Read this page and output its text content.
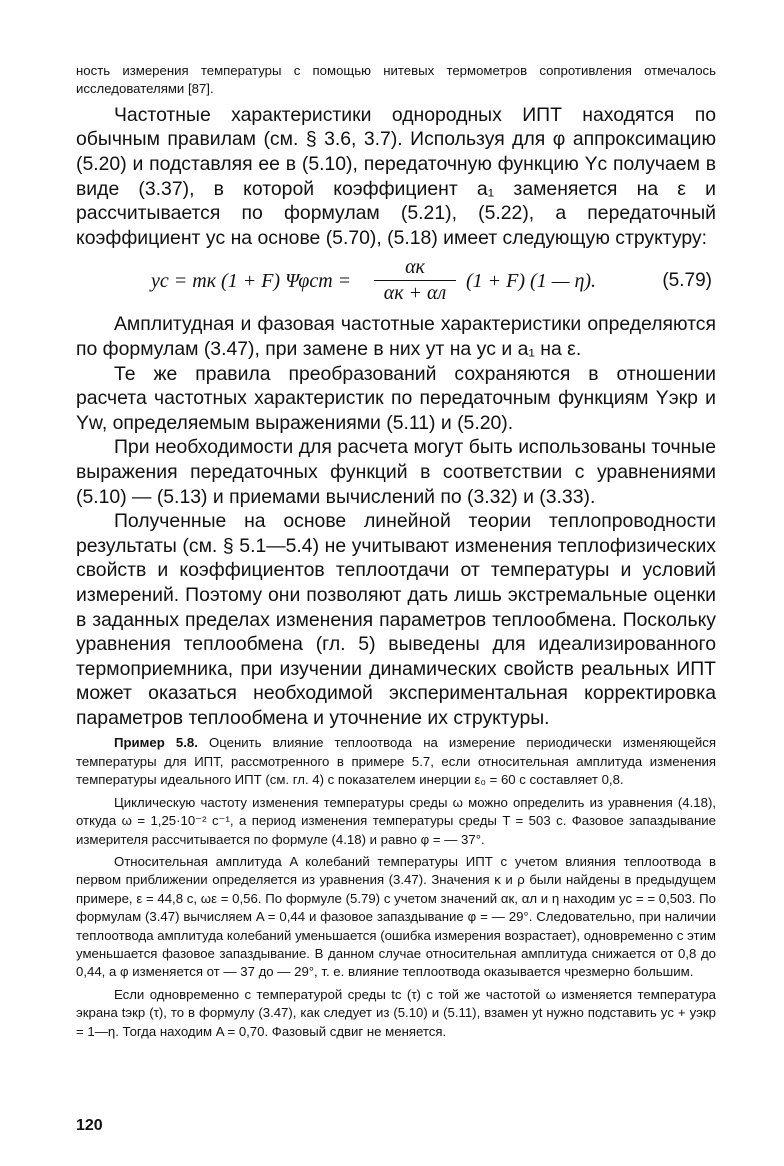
ность измерения температуры с помощью нитевых термометров сопротивления отмечалось исследователями [87].

Частотные характеристики однородных ИПТ находятся по обычным правилам (см. § 3.6, 3.7). Используя для φ аппроксимацию (5.20) и подставляя ее в (5.10), передаточную функцию Yс получаем в виде (3.37), в которой коэффициент a₁ заменяется на ε и рассчитывается по формулам (5.21), (5.22), а передаточный коэффициент yс на основе (5.70), (5.18) имеет следующую структуру:

yс = mк (1 + F) Ψφст =
αк
αк + αл
(1 + F) (1 — η).	(5.79)

Амплитудная и фазовая частотные характеристики определяются по формулам (3.47), при замене в них yт на yс и a₁ на ε.

Те же правила преобразований сохраняются в отношении расчета частотных характеристик по передаточным функциям Yэкр и Yw, определяемым выражениями (5.11) и (5.20).

При необходимости для расчета могут быть использованы точные выражения передаточных функций в соответствии с уравнениями (5.10) — (5.13) и приемами вычислений по (3.32) и (3.33).

Полученные на основе линейной теории теплопроводности результаты (см. § 5.1—5.4) не учитывают изменения теплофизических свойств и коэффициентов теплоотдачи от температуры и условий измерений. Поэтому они позволяют дать лишь экстремальные оценки в заданных пределах изменения параметров теплообмена. Поскольку уравнения теплообмена (гл. 5) выведены для идеализированного термоприемника, при изучении динамических свойств реальных ИПТ может оказаться необходимой экспериментальная корректировка параметров теплообмена и уточнение их структуры.

Пример 5.8. Оценить влияние теплоотвода на измерение периодически изменяющейся температуры для ИПТ, рассмотренного в примере 5.7, если относительная амплитуда изменения температуры идеального ИПТ (см. гл. 4) с показателем инерции ε₀ = 60 с составляет 0,8.

Циклическую частоту изменения температуры среды ω можно определить из уравнения (4.18), откуда ω = 1,25·10⁻² с⁻¹, а период изменения температуры среды T = 503 с. Фазовое запаздывание измерителя рассчитывается по формуле (4.18) и равно φ = — 37°.

Относительная амплитуда A колебаний температуры ИПТ с учетом влияния теплоотвода в первом приближении определяется из уравнения (3.47). Значения κ и ρ были найдены в предыдущем примере, ε = 44,8 с, ωε = 0,56. По формуле (5.79) с учетом значений αк, αл и η находим yс = = 0,503. По формулам (3.47) вычисляем A = 0,44 и фазовое запаздывание φ = — 29°. Следовательно, при наличии теплоотвода амплитуда колебаний уменьшается (ошибка измерения возрастает), одновременно с этим уменьшается фазовое запаздывание. В данном случае относительная амплитуда снижается от 0,8 до 0,44, а φ изменяется от — 37 до — 29°, т. е. влияние теплоотвода оказывается чрезмерно большим.

Если одновременно с температурой среды tс (τ) с той же частотой ω изменяется температура экрана tэкр (τ), то в формулу (3.47), как следует из (5.10) и (5.11), взамен yt нужно подставить yс + yэкр = 1—η. Тогда находим A = 0,70. Фазовый сдвиг не меняется.

120
